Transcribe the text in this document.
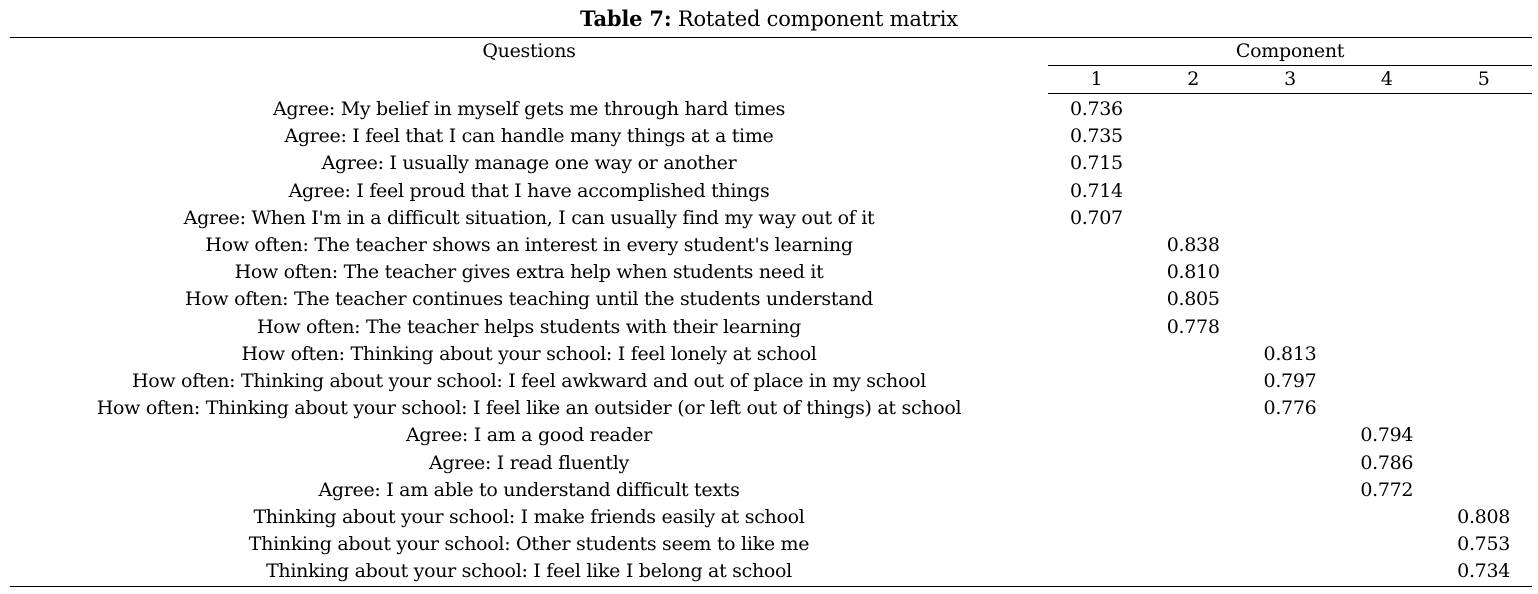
Table 7: Rotated component matrix
Questions	Component				
	1	2	3	4	5
Agree: My belief in myself gets me through hard times	0.736				
Agree: I feel that I can handle many things at a time	0.735				
Agree: I usually manage one way or another	0.715				
Agree: I feel proud that I have accomplished things	0.714				
Agree: When I'm in a difficult situation, I can usually find my way out of it	0.707				
How often: The teacher shows an interest in every student's learning		0.838			
How often: The teacher gives extra help when students need it		0.810			
How often: The teacher continues teaching until the students understand		0.805			
How often: The teacher helps students with their learning		0.778			
How often: Thinking about your school: I feel lonely at school			0.813		
How often: Thinking about your school: I feel awkward and out of place in my school			0.797		
How often: Thinking about your school: I feel like an outsider (or left out of things) at school			0.776		
Agree: I am a good reader				0.794	
Agree: I read fluently				0.786	
Agree: I am able to understand difficult texts				0.772	
Thinking about your school: I make friends easily at school					0.808
Thinking about your school: Other students seem to like me					0.753
Thinking about your school: I feel like I belong at school					0.734
